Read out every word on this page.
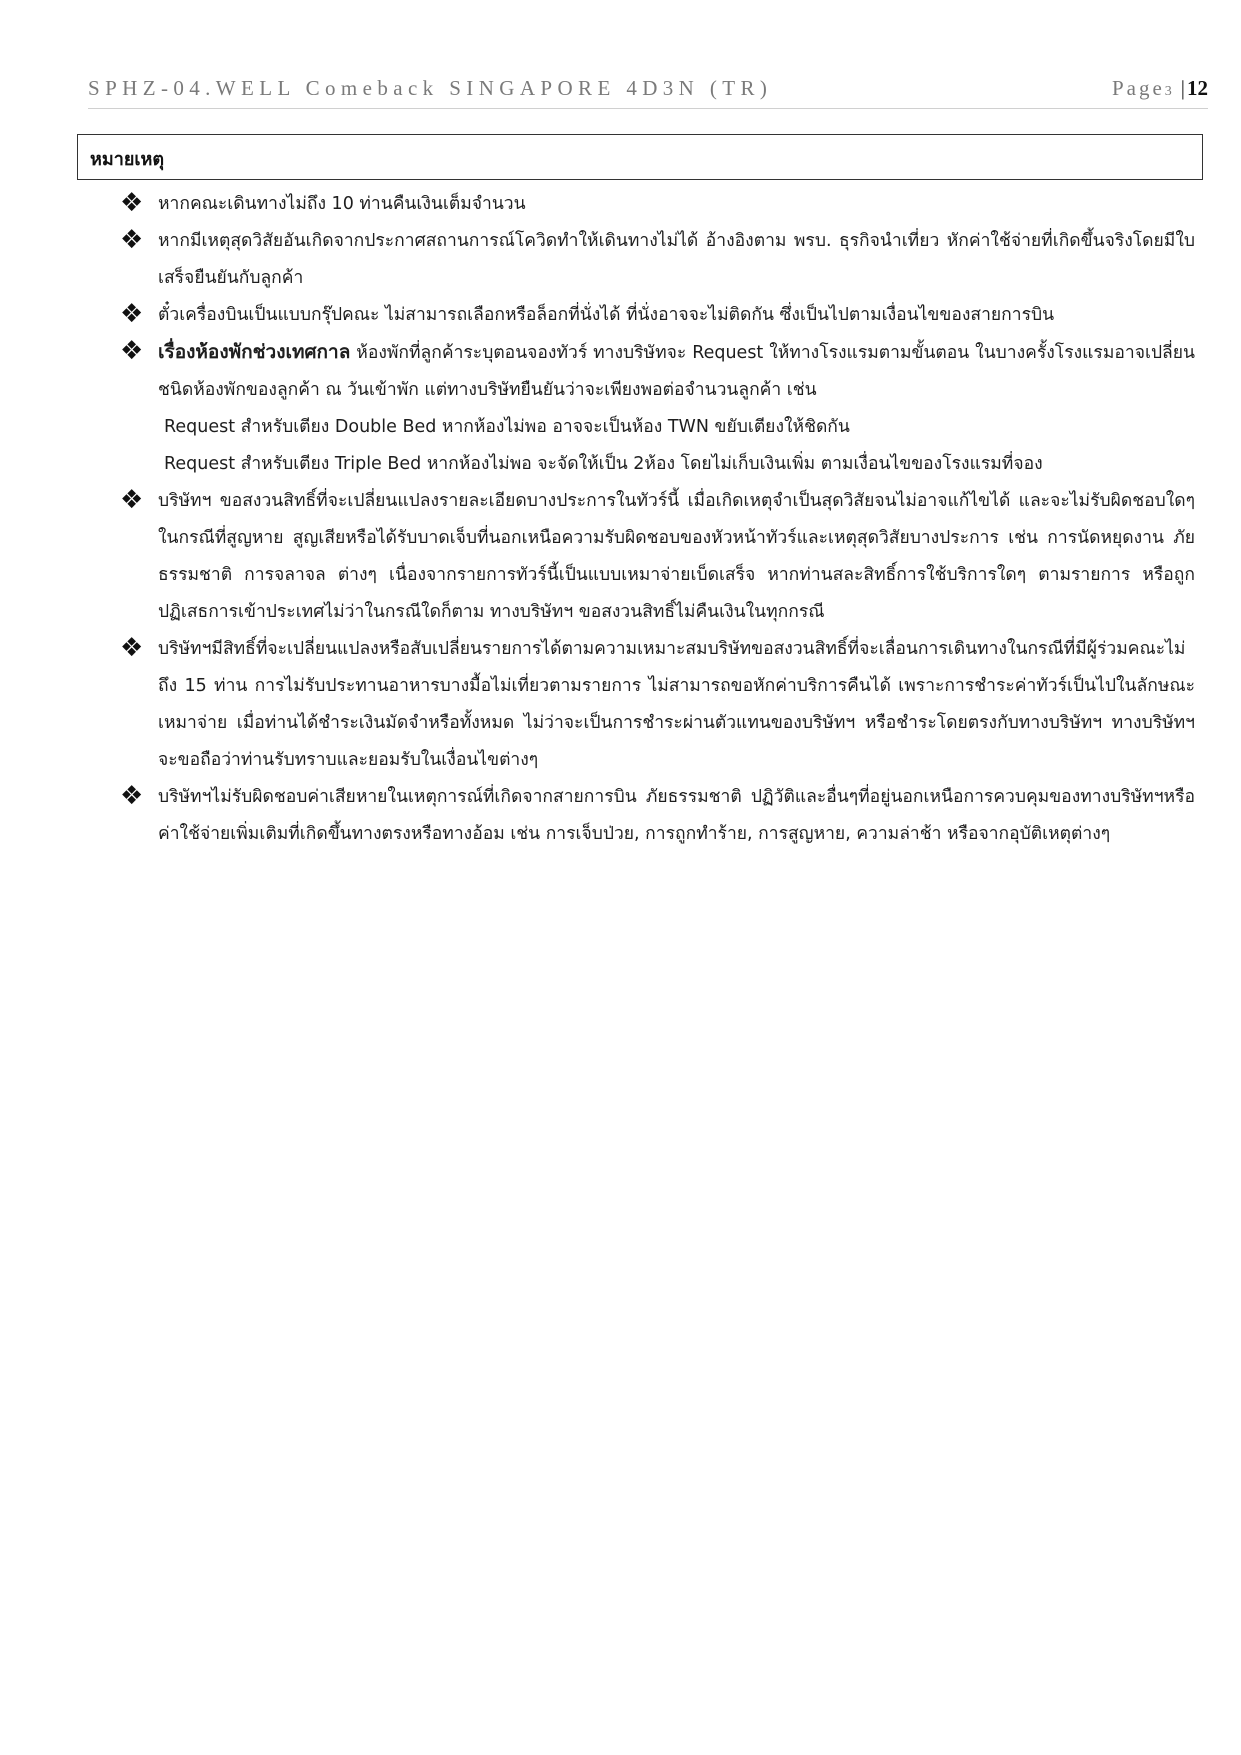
SPHZ-04.WELL Comeback SINGAPORE 4D3N (TR)	Page3 |12
หมายเหตุ
❖ หากคณะเดินทางไม่ถึง 10 ท่านคืนเงินเต็มจำนวน
❖ หากมีเหตุสุดวิสัยอันเกิดจากประกาศสถานการณ์โควิดทำให้เดินทางไม่ได้ อ้างอิงตาม พรบ. ธุรกิจนำเที่ยว หักค่าใช้จ่ายที่เกิดขึ้นจริงโดยมีใบเสร็จยืนยันกับลูกค้า
❖ ตั๋วเครื่องบินเป็นแบบกรุ๊ปคณะ ไม่สามารถเลือกหรือล็อกที่นั่งได้ ที่นั่งอาจจะไม่ติดกัน ซึ่งเป็นไปตามเงื่อนไขของสายการบิน
❖ เรื่องห้องพักช่วงเทศกาล ห้องพักที่ลูกค้าระบุตอนจองทัวร์ ทางบริษัทจะ Request ให้ทางโรงแรมตามขั้นตอน ในบางครั้งโรงแรมอาจเปลี่ยนชนิดห้องพักของลูกค้า ณ วันเข้าพัก แต่ทางบริษัทยืนยันว่าจะเพียงพอต่อจำนวนลูกค้า เช่น
Request สำหรับเตียง Double Bed หากห้องไม่พอ อาจจะเป็นห้อง TWN ขยับเตียงให้ชิดกัน
Request สำหรับเตียง Triple Bed หากห้องไม่พอ จะจัดให้เป็น 2ห้อง โดยไม่เก็บเงินเพิ่ม ตามเงื่อนไขของโรงแรมที่จอง
❖ บริษัทฯ ขอสงวนสิทธิ์ที่จะเปลี่ยนแปลงรายละเอียดบางประการในทัวร์นี้ เมื่อเกิดเหตุจำเป็นสุดวิสัยจนไม่อาจแก้ไขได้ และจะไม่รับผิดชอบใดๆ ในกรณีที่สูญหาย สูญเสียหรือได้รับบาดเจ็บที่นอกเหนือความรับผิดชอบของหัวหน้าทัวร์และเหตุสุดวิสัยบางประการ เช่น การนัดหยุดงาน ภัยธรรมชาติ การจลาจล ต่างๆ เนื่องจากรายการทัวร์นี้เป็นแบบเหมาจ่ายเบ็ดเสร็จ หากท่านสละสิทธิ์การใช้บริการใดๆ ตามรายการ หรือถูกปฏิเสธการเข้าประเทศไม่ว่าในกรณีใดก็ตาม ทางบริษัทฯ ขอสงวนสิทธิ์ไม่คืนเงินในทุกกรณี
❖ บริษัทฯมีสิทธิ์ที่จะเปลี่ยนแปลงหรือสับเปลี่ยนรายการได้ตามความเหมาะสมบริษัทขอสงวนสิทธิ์ที่จะเลื่อนการเดินทางในกรณีที่มีผู้ร่วมคณะไม่ถึง 15 ท่าน การไม่รับประทานอาหารบางมื้อไม่เที่ยวตามรายการ ไม่สามารถขอหักค่าบริการคืนได้ เพราะการชำระค่าทัวร์เป็นไปในลักษณะเหมาจ่าย เมื่อท่านได้ชำระเงินมัดจำหรือทั้งหมด ไม่ว่าจะเป็นการชำระผ่านตัวแทนของบริษัทฯ หรือชำระโดยตรงกับทางบริษัทฯ ทางบริษัทฯ จะขอถือว่าท่านรับทราบและยอมรับในเงื่อนไขต่างๆ
❖ บริษัทฯไม่รับผิดชอบค่าเสียหายในเหตุการณ์ที่เกิดจากสายการบิน ภัยธรรมชาติ ปฏิวัติและอื่นๆที่อยู่นอกเหนือการควบคุมของทางบริษัทฯหรือค่าใช้จ่ายเพิ่มเติมที่เกิดขึ้นทางตรงหรือทางอ้อม เช่น การเจ็บป่วย, การถูกทำร้าย, การสูญหาย, ความล่าช้า หรือจากอุบัติเหตุต่างๆ
